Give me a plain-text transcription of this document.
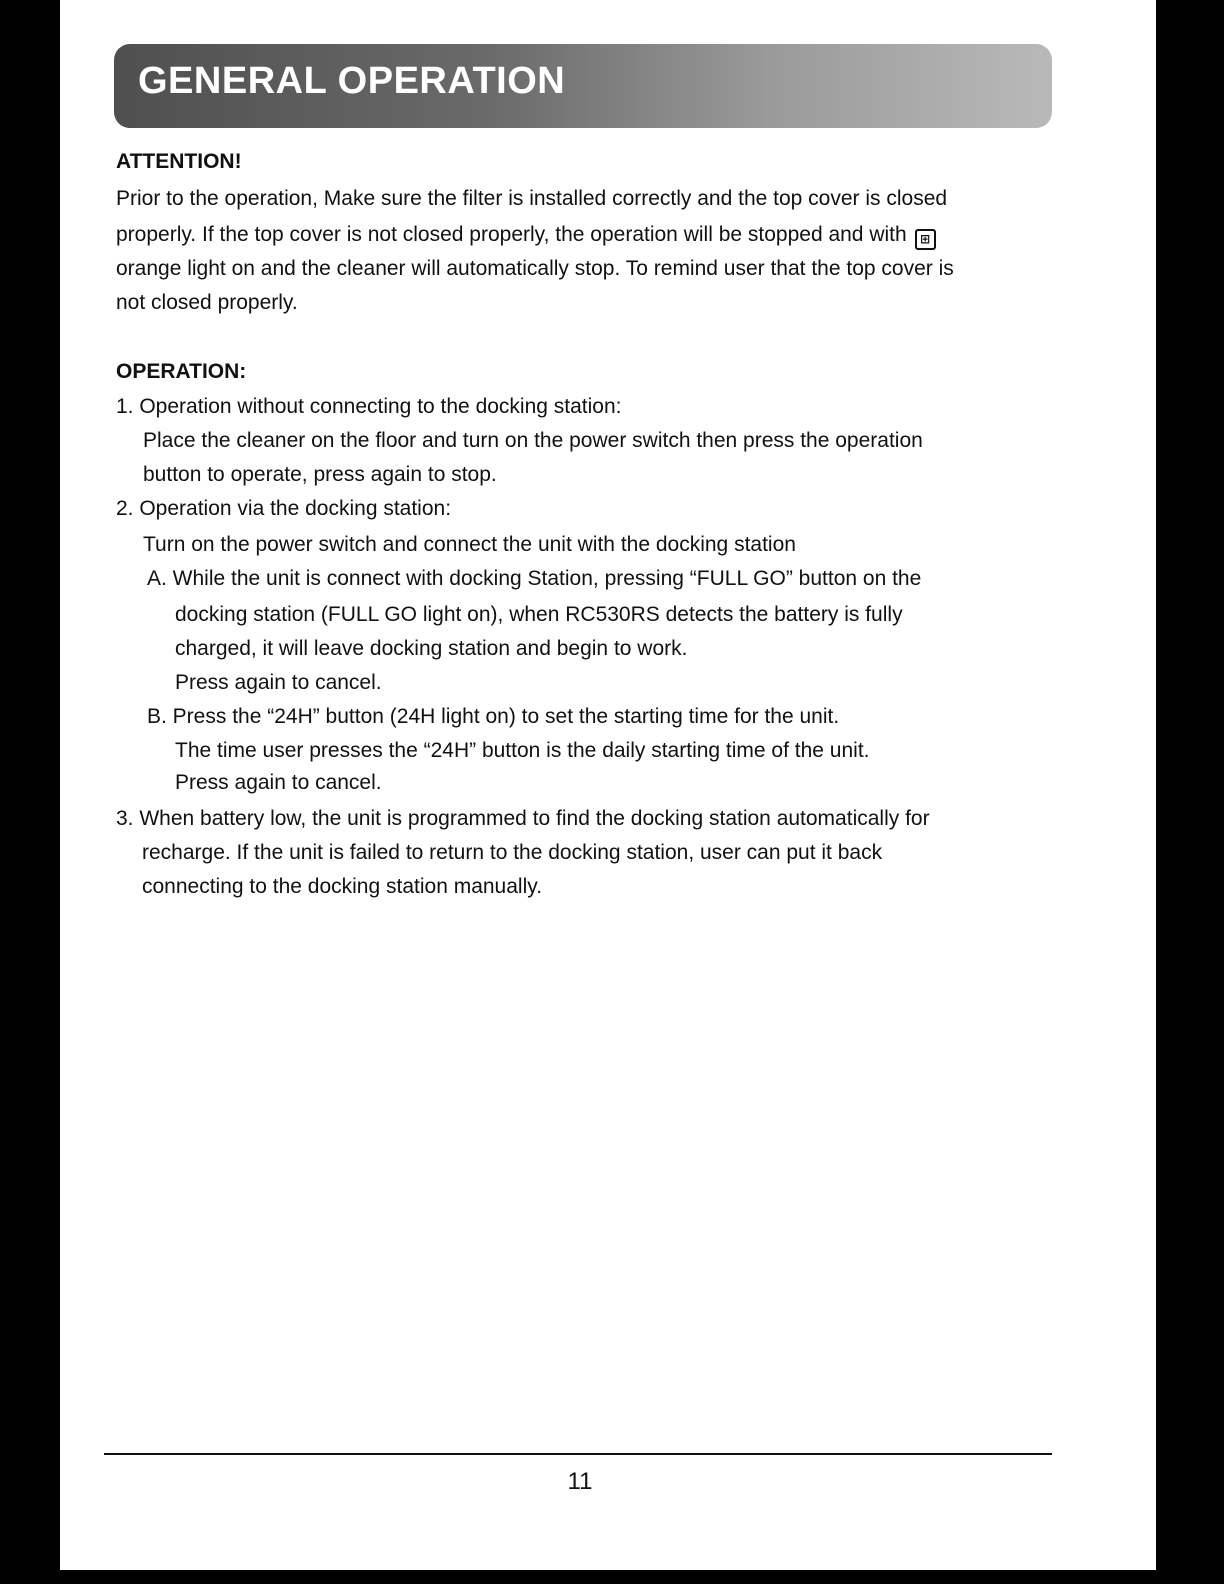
GENERAL OPERATION
ATTENTION!
Prior to the operation, Make sure the filter is installed correctly and the top cover is closed
properly. If the top cover is not closed properly, the operation will be stopped and with ⊞
orange light on and the cleaner will automatically stop. To remind user that the top cover is
not closed properly.
OPERATION:
1. Operation without connecting to the docking station:
Place the cleaner on the floor and turn on the power switch then press the operation
button to operate, press again to stop.
2. Operation via the docking station:
Turn on the power switch and connect the unit with the docking station
A. While the unit is connect with docking Station, pressing “FULL GO” button on the
docking station (FULL GO light on), when RC530RS detects the battery is fully
charged, it will leave docking station and begin to work.
Press again to cancel.
B. Press the “24H” button (24H light on) to set the starting time for the unit.
The time user presses the “24H” button is the daily starting time of the unit.
Press again to cancel.
3. When battery low, the unit is programmed to find the docking station automatically for
recharge. If the unit is failed to return to the docking station, user can put it back
connecting to the docking station manually.
11
